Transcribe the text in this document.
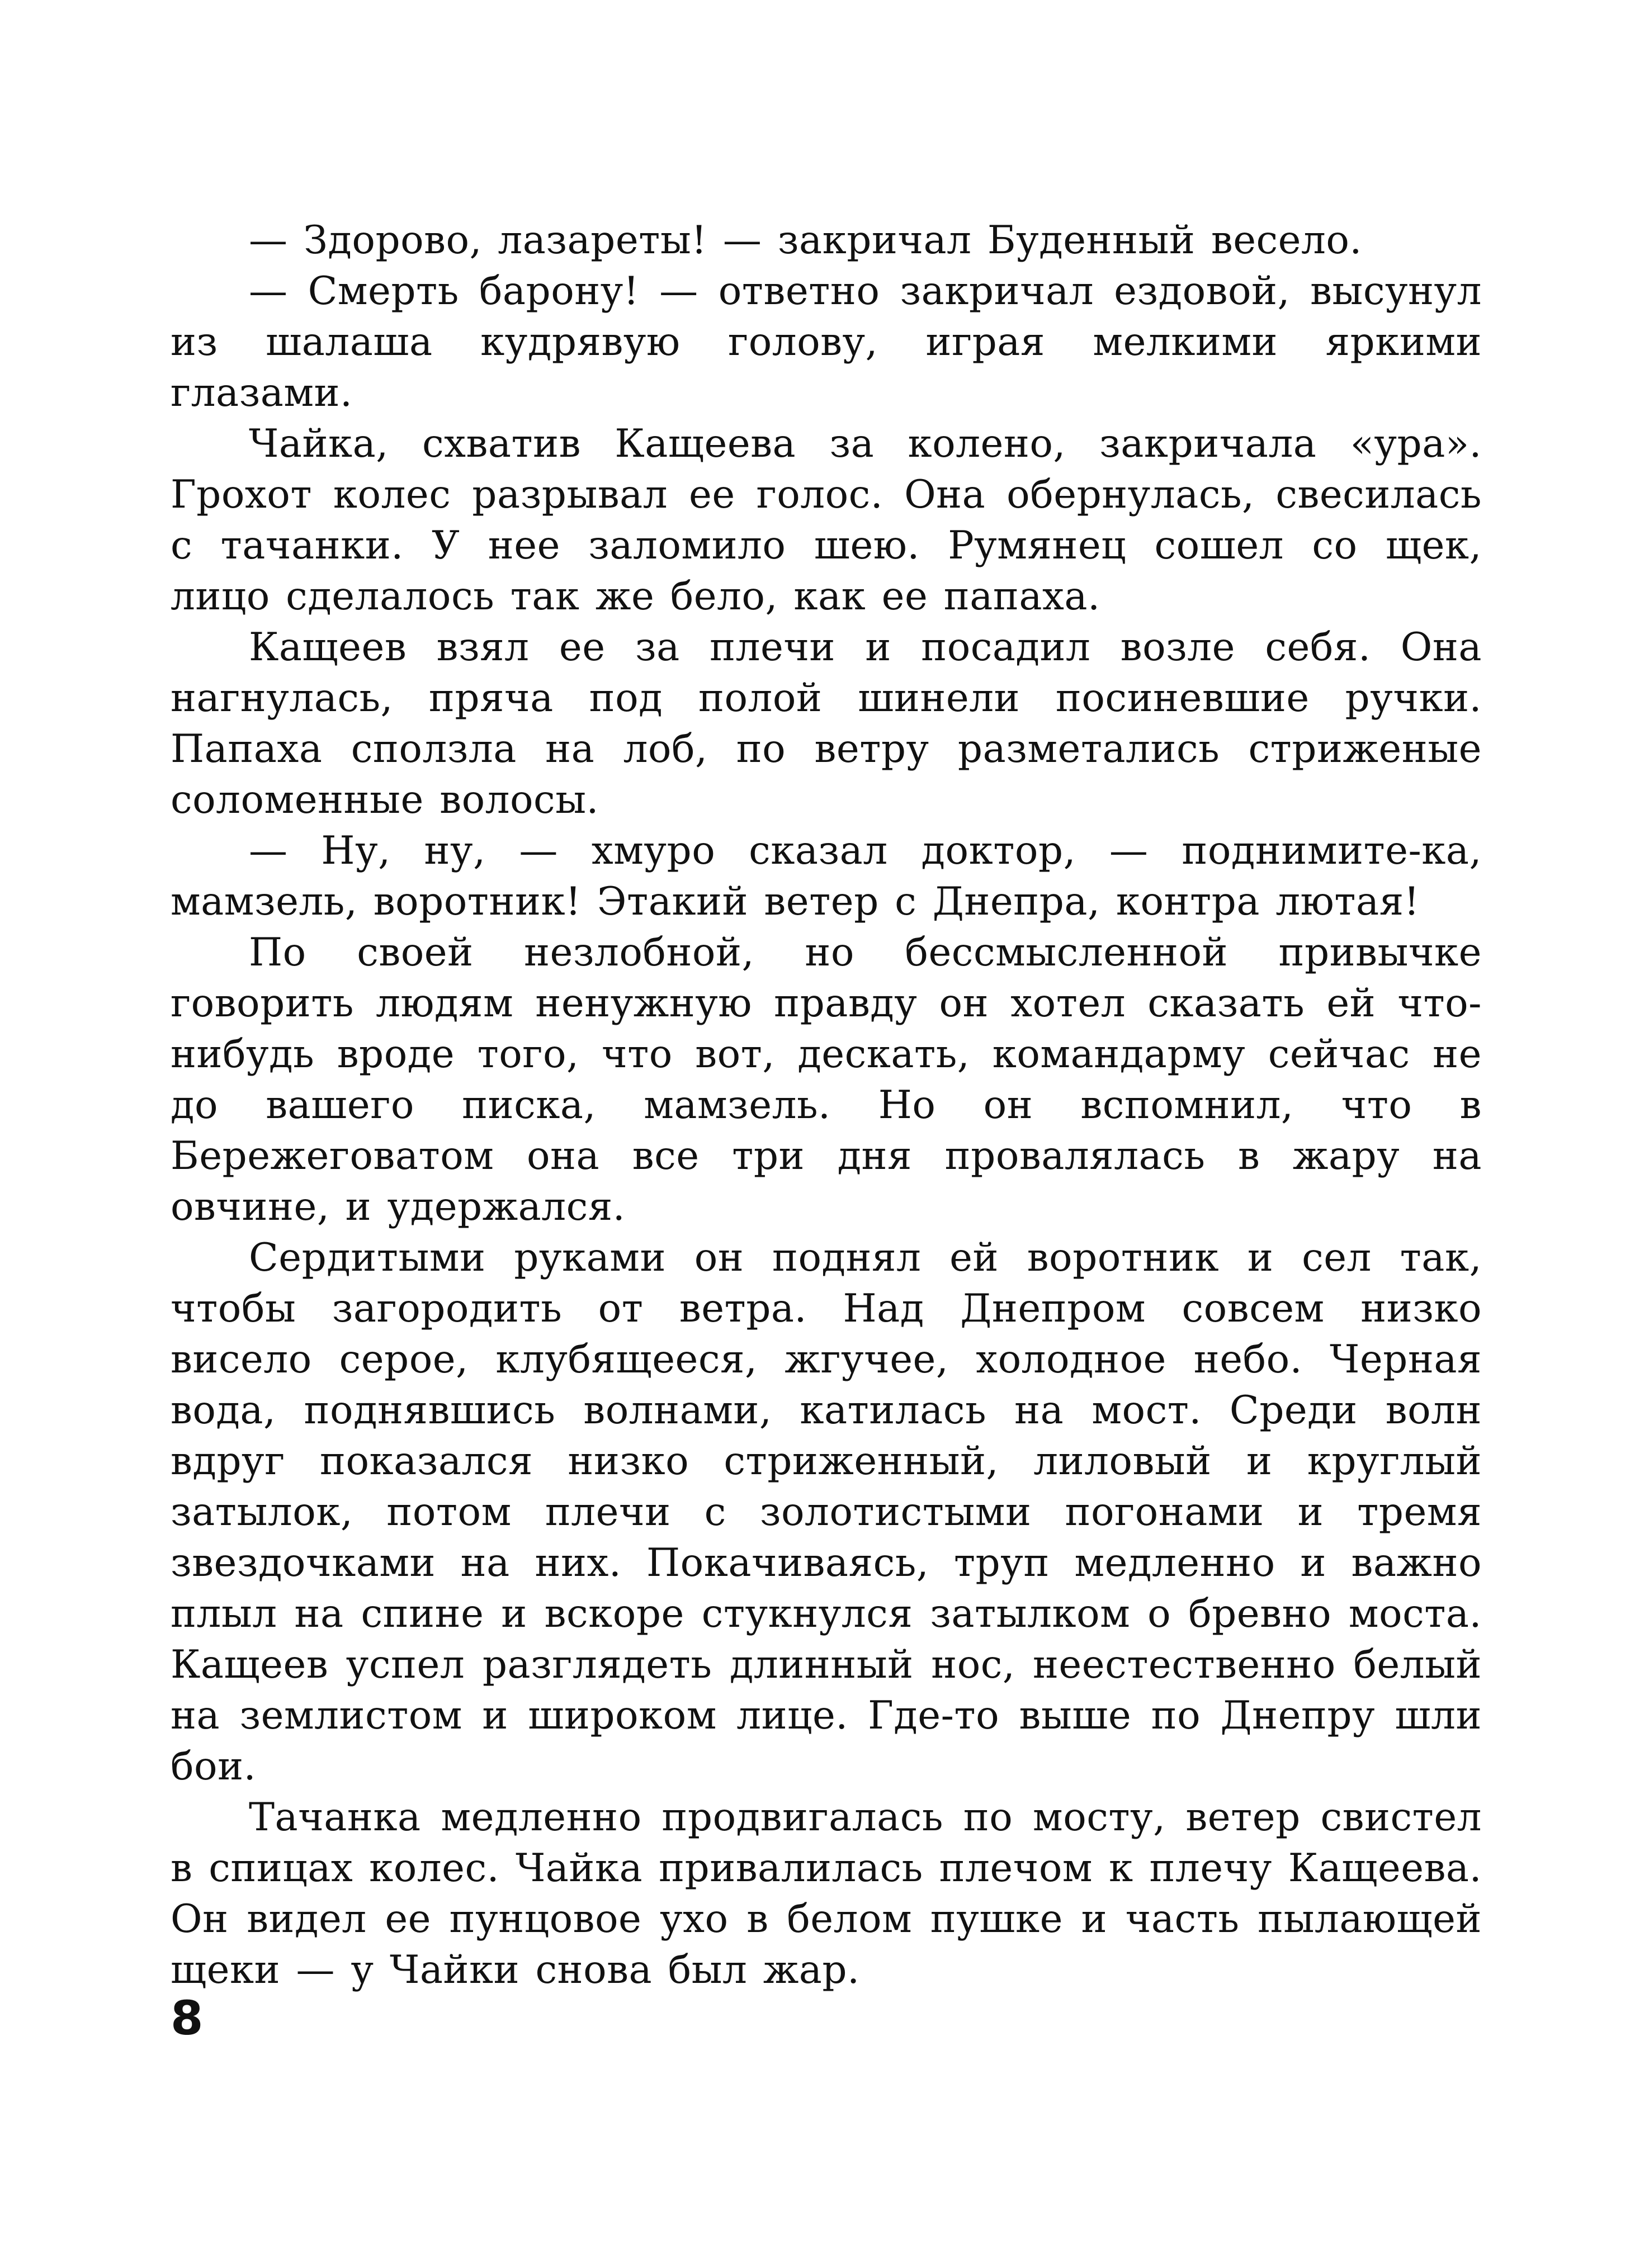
— Здорово, лазареты! — закричал Буденный весело.

— Смерть барону! — ответно закричал ездовой, высунул из шалаша кудрявую голову, играя мелкими яркими глазами.

Чайка, схватив Кащеева за колено, закричала «ура». Грохот колес разрывал ее голос. Она обернулась, свесилась с тачанки. У нее заломило шею. Румянец сошел со щек, лицо сделалось так же бело, как ее папаха.

Кащеев взял ее за плечи и посадил возле себя. Она нагнулась, пряча под полой шинели посиневшие ручки. Папаха сползла на лоб, по ветру разметались стриженые соломенные волосы.

— Ну, ну, — хмуро сказал доктор, — поднимите-ка, мамзель, воротник! Этакий ветер с Днепра, контра лютая!

По своей незлобной, но бессмысленной привычке говорить людям ненужную правду он хотел сказать ей что-нибудь вроде того, что вот, дескать, командарму сейчас не до вашего писка, мамзель. Но он вспомнил, что в Бережеговатом она все три дня провалялась в жару на овчине, и удержался.

Сердитыми руками он поднял ей воротник и сел так, чтобы загородить от ветра. Над Днепром совсем низко висело серое, клубящееся, жгучее, холодное небо. Черная вода, поднявшись волнами, катилась на мост. Среди волн вдруг показался низко стриженный, лиловый и круглый затылок, потом плечи с золотистыми погонами и тремя звездочками на них. Покачиваясь, труп медленно и важно плыл на спине и вскоре стукнулся затылком о бревно моста. Кащеев успел разглядеть длинный нос, неестественно белый на землистом и широком лице. Где-то выше по Днепру шли бои.

Тачанка медленно продвигалась по мосту, ветер свистел в спицах колес. Чайка привалилась плечом к плечу Кащеева. Он видел ее пунцовое ухо в белом пушке и часть пылающей щеки — у Чайки снова был жар.

8
